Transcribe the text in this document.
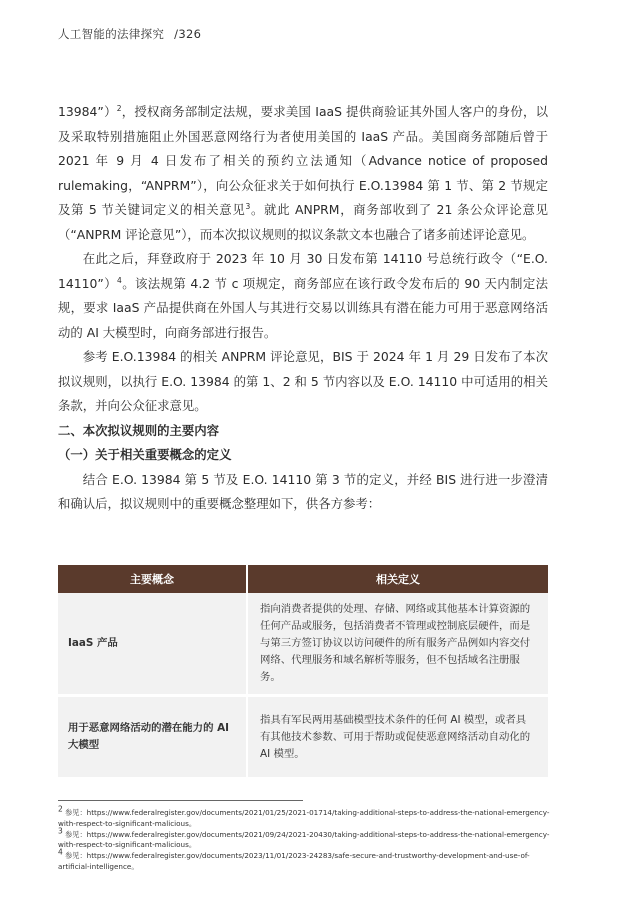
人工智能的法律探究 /326

13984”）$^2$，授权商务部制定法规，要求美国 IaaS 提供商验证其外国人客户的身份，以及采取特别措施阻止外国恶意网络行为者使用美国的 IaaS 产品。美国商务部随后曾于 2021 年 9 月 4 日发布了相关的预约立法通知（Advance notice of proposed rulemaking，“ANPRM”），向公众征求关于如何执行 E.O.13984 第 1 节、第 2 节规定及第 5 节关键词定义的相关意见$^3$。就此 ANPRM，商务部收到了 21 条公众评论意见（“ANPRM 评论意见”），而本次拟议规则的拟议条款文本也融合了诸多前述评论意见。

在此之后，拜登政府于 2023 年 10 月 30 日发布第 14110 号总统行政令（“E.O. 14110”）$^4$。该法规第 4.2 节 c 项规定，商务部应在该行政令发布后的 90 天内制定法规，要求 IaaS 产品提供商在外国人与其进行交易以训练具有潜在能力可用于恶意网络活动的 AI 大模型时，向商务部进行报告。

参考 E.O.13984 的相关 ANPRM 评论意见，BIS 于 2024 年 1 月 29 日发布了本次拟议规则，以执行 E.O. 13984 的第 1、2 和 5 节内容以及 E.O. 14110 中可适用的相关条款，并向公众征求意见。

二、本次拟议规则的主要内容

（一）关于相关重要概念的定义

结合 E.O. 13984 第 5 节及 E.O. 14110 第 3 节的定义，并经 BIS 进行进一步澄清和确认后，拟议规则中的重要概念整理如下，供各方参考：

主要概念	相关定义
IaaS 产品	指向消费者提供的处理、存储、网络或其他基本计算资源的任何产品或服务，包括消费者不管理或控制底层硬件，而是与第三方签订协议以访问硬件的所有服务产品例如内容交付网络、代理服务和域名解析等服务，但不包括域名注册服务。
用于恶意网络活动的潜在能力的 AI 大模型	指具有军民两用基础模型技术条件的任何 AI 模型，或者具有其他技术参数、可用于帮助或促使恶意网络活动自动化的 AI 模型。

$^2$ 参见：https://www.federalregister.gov/documents/2021/01/25/2021-01714/taking-additional-steps-to-address-the-national-emergency-with-respect-to-significant-malicious。

$^3$ 参见：https://www.federalregister.gov/documents/2021/09/24/2021-20430/taking-additional-steps-to-address-the-national-emergency-with-respect-to-significant-malicious。

$^4$ 参见：https://www.federalregister.gov/documents/2023/11/01/2023-24283/safe-secure-and-trustworthy-development-and-use-of-artificial-intelligence。
